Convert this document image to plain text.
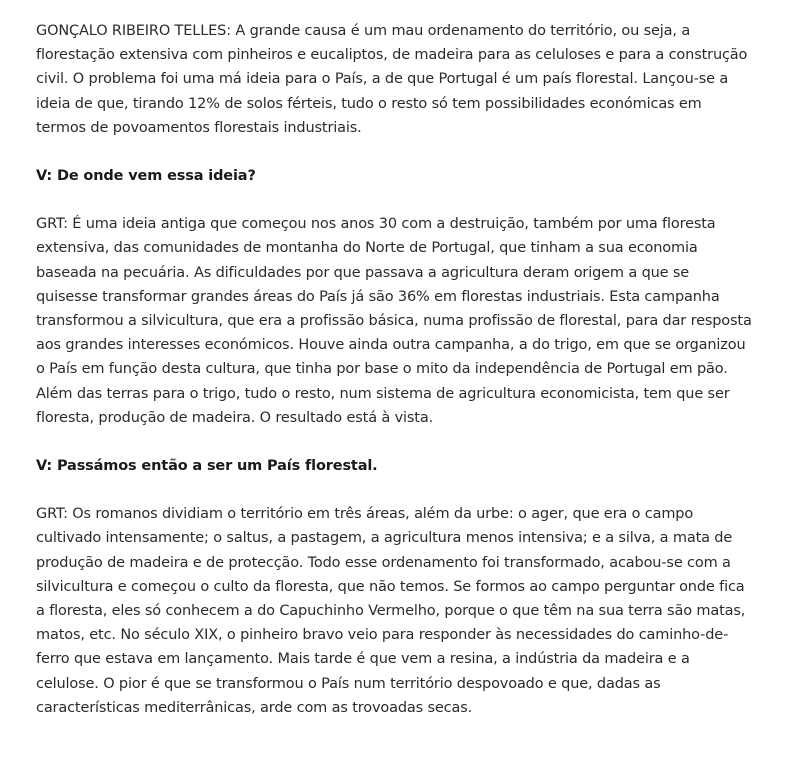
GONÇALO RIBEIRO TELLES: A grande causa é um mau ordenamento do território, ou seja, a florestação extensiva com pinheiros e eucaliptos, de madeira para as celuloses e para a construção civil. O problema foi uma má ideia para o País, a de que Portugal é um país florestal. Lançou-se a ideia de que, tirando 12% de solos férteis, tudo o resto só tem possibilidades económicas em termos de povoamentos florestais industriais.

V: De onde vem essa ideia?

GRT: É uma ideia antiga que começou nos anos 30 com a destruição, também por uma floresta extensiva, das comunidades de montanha do Norte de Portugal, que tinham a sua economia baseada na pecuária. As dificuldades por que passava a agricultura deram origem a que se quisesse transformar grandes áreas do País já são 36% em florestas industriais. Esta campanha transformou a silvicultura, que era a profissão básica, numa profissão de florestal, para dar resposta aos grandes interesses económicos. Houve ainda outra campanha, a do trigo, em que se organizou o País em função desta cultura, que tinha por base o mito da independência de Portugal em pão. Além das terras para o trigo, tudo o resto, num sistema de agricultura economicista, tem que ser floresta, produção de madeira. O resultado está à vista.

V: Passámos então a ser um País florestal.

GRT: Os romanos dividiam o território em três áreas, além da urbe: o ager, que era o campo cultivado intensamente; o saltus, a pastagem, a agricultura menos intensiva; e a silva, a mata de produção de madeira e de protecção. Todo esse ordenamento foi transformado, acabou-se com a silvicultura e começou o culto da floresta, que não temos. Se formos ao campo perguntar onde fica a floresta, eles só conhecem a do Capuchinho Vermelho, porque o que têm na sua terra são matas, matos, etc. No século XIX, o pinheiro bravo veio para responder às necessidades do caminho-de-ferro que estava em lançamento. Mais tarde é que vem a resina, a indústria da madeira e a celulose. O pior é que se transformou o País num território despovoado e que, dadas as características mediterrânicas, arde com as trovoadas secas.
